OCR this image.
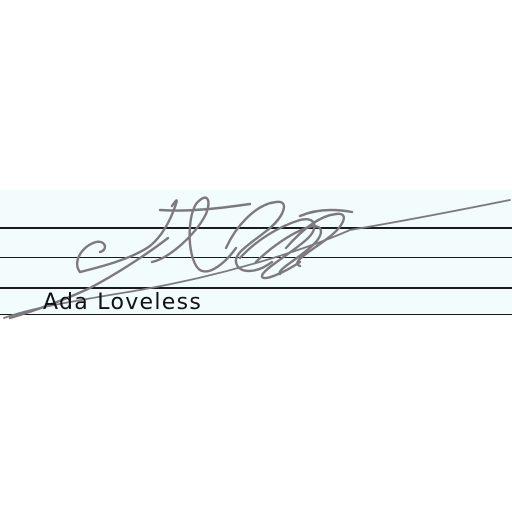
Ada Loveless
